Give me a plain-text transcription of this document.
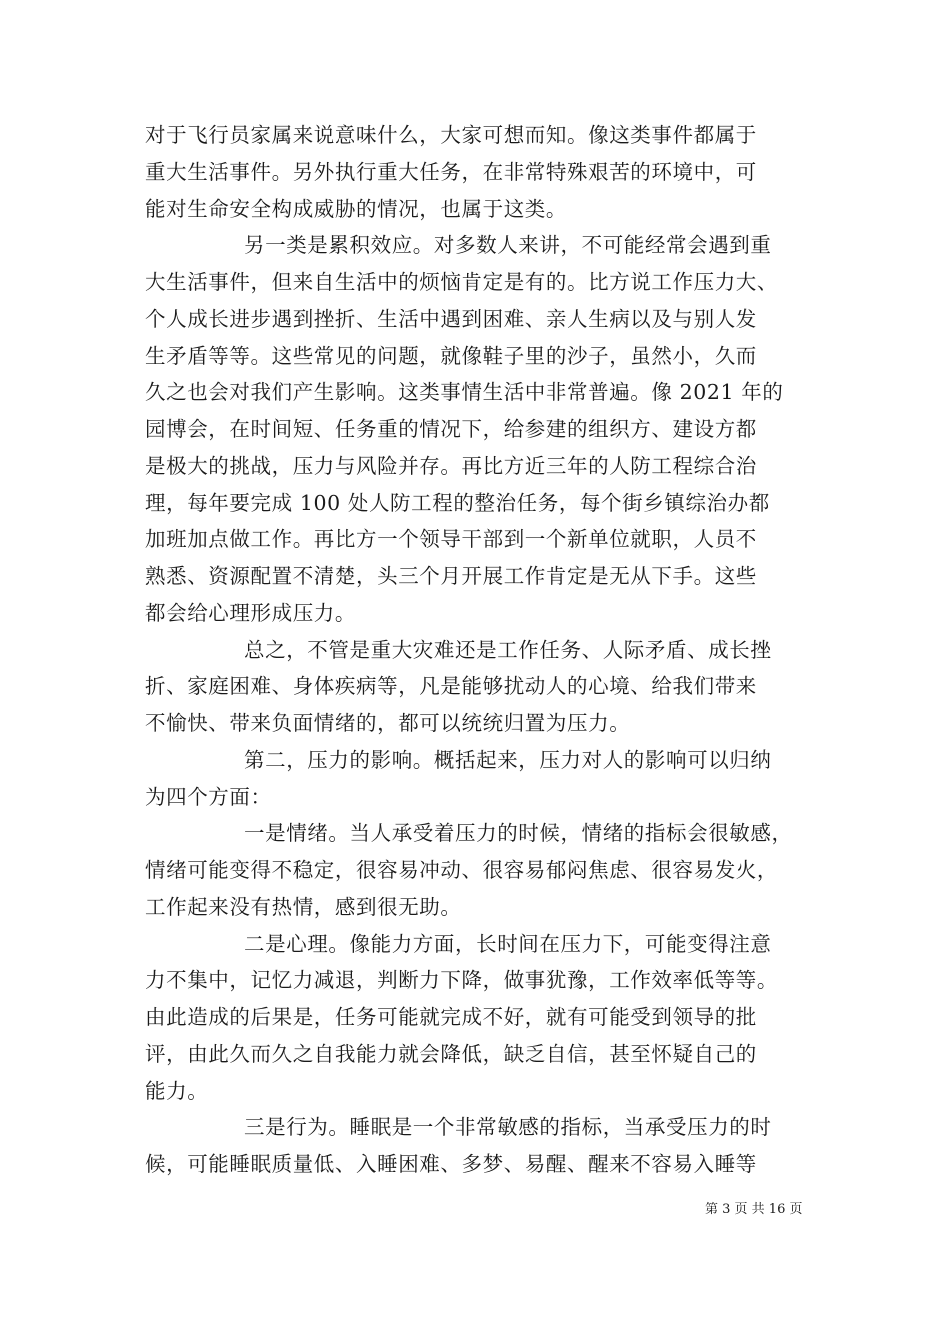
对于飞行员家属来说意味什么，大家可想而知。像这类事件都属于
重大生活事件。另外执行重大任务，在非常特殊艰苦的环境中，可
能对生命安全构成威胁的情况，也属于这类。
另一类是累积效应。对多数人来讲，不可能经常会遇到重
大生活事件，但来自生活中的烦恼肯定是有的。比方说工作压力大、
个人成长进步遇到挫折、生活中遇到困难、亲人生病以及与别人发
生矛盾等等。这些常见的问题，就像鞋子里的沙子，虽然小，久而
久之也会对我们产生影响。这类事情生活中非常普遍。像 2021 年的
园博会，在时间短、任务重的情况下，给参建的组织方、建设方都
是极大的挑战，压力与风险并存。再比方近三年的人防工程综合治
理，每年要完成 100 处人防工程的整治任务，每个街乡镇综治办都
加班加点做工作。再比方一个领导干部到一个新单位就职，人员不
熟悉、资源配置不清楚，头三个月开展工作肯定是无从下手。这些
都会给心理形成压力。
总之，不管是重大灾难还是工作任务、人际矛盾、成长挫
折、家庭困难、身体疾病等，凡是能够扰动人的心境、给我们带来
不愉快、带来负面情绪的，都可以统统归置为压力。
第二，压力的影响。概括起来，压力对人的影响可以归纳
为四个方面：
一是情绪。当人承受着压力的时候，情绪的指标会很敏感，
情绪可能变得不稳定，很容易冲动、很容易郁闷焦虑、很容易发火，
工作起来没有热情，感到很无助。
二是心理。像能力方面，长时间在压力下，可能变得注意
力不集中，记忆力减退，判断力下降，做事犹豫，工作效率低等等。
由此造成的后果是，任务可能就完成不好，就有可能受到领导的批
评，由此久而久之自我能力就会降低，缺乏自信，甚至怀疑自己的
能力。
三是行为。睡眠是一个非常敏感的指标，当承受压力的时
候，可能睡眠质量低、入睡困难、多梦、易醒、醒来不容易入睡等
第 3 页 共 16 页
